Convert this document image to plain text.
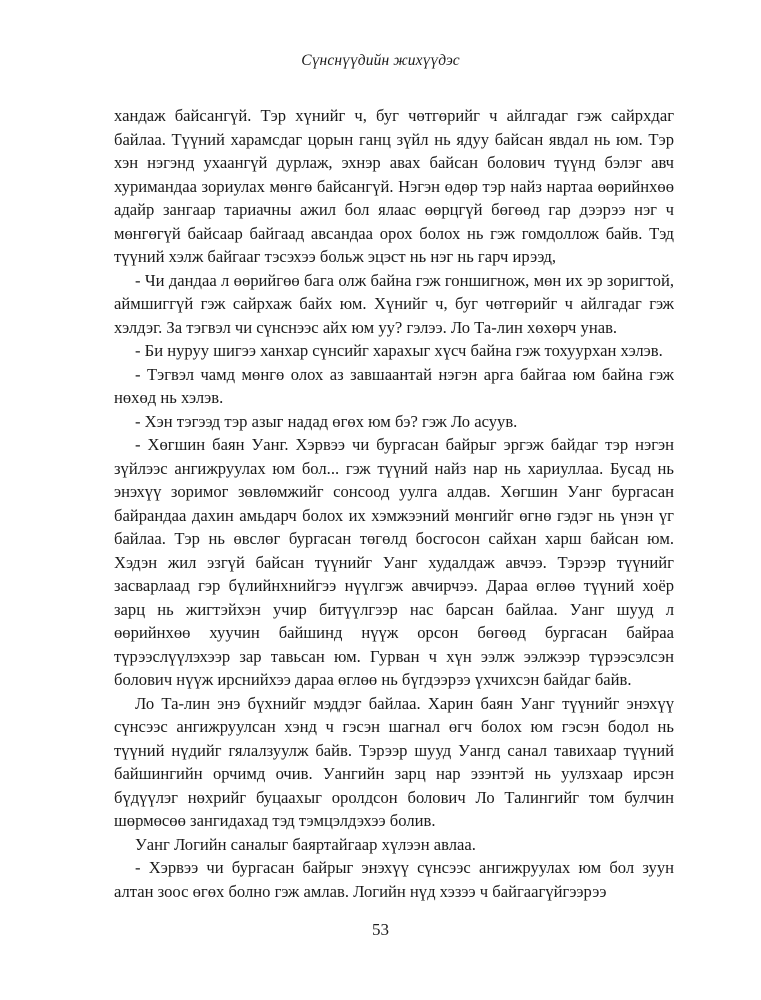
Сүнснүүдийн жихүүдэс

хандаж байсангүй. Тэр хүнийг ч, буг чөтгөрийг ч айлгадаг гэж сайрхдаг байлаа. Түүний харамсдаг цорын ганц зүйл нь ядуу байсан явдал нь юм. Тэр хэн нэгэнд ухаангүй дурлаж, эхнэр авах байсан болович түүнд бэлэг авч хуримандаа зориулах мөнгө байсангүй. Нэгэн өдөр тэр найз нартаа өөрийнхөө адайр зангаар тариачны ажил бол ялаас өөрцгүй бөгөөд гар дээрээ нэг ч мөнгөгүй байсаар байгаад авсандаа орох болох нь гэж гомдоллож байв. Тэд түүний хэлж байгааг тэсэхээ больж эцэст нь нэг нь гарч ирээд,

- Чи дандаа л өөрийгөө бага олж байна гэж гоншигнож, мөн их эр зоригтой, аймшиггүй гэж сайрхаж байх юм. Хүнийг ч, буг чөтгөрийг ч айлгадаг гэж хэлдэг. За тэгвэл чи сүнснээс айх юм уу? гэлээ. Ло Та-лин хөхөрч унав.

- Би нуруу шигээ ханхар сүнсийг харахыг хүсч байна гэж тохуурхан хэлэв.

- Тэгвэл чамд мөнгө олох аз завшаантай нэгэн арга байгаа юм байна гэж нөхөд нь хэлэв.

- Хэн тэгээд тэр азыг надад өгөх юм бэ? гэж Ло асуув.

- Хөгшин баян Уанг. Хэрвээ чи бургасан байрыг эргэж байдаг тэр нэгэн зүйлээс ангижруулах юм бол... гэж түүний найз нар нь хариуллаа. Бусад нь энэхүү зоримог зөвлөмжийг сонсоод уулга алдав. Хөгшин Уанг бургасан байрандаа дахин амьдарч болох их хэмжээний мөнгийг өгнө гэдэг нь үнэн үг байлаа. Тэр нь өвслөг бургасан төгөлд босгосон сайхан харш байсан юм. Хэдэн жил эзгүй байсан түүнийг Уанг худалдаж авчээ. Тэрээр түүнийг засварлаад гэр бүлийнхнийгээ нүүлгэж авчирчээ. Дараа өглөө түүний хоёр зарц нь жигтэйхэн учир битүүлгээр нас барсан байлаа. Уанг шууд л өөрийнхөө хуучин байшинд нүүж орсон бөгөөд бургасан байраа түрээслүүлэхээр зар тавьсан юм. Гурван ч хүн ээлж ээлжээр түрээсэлсэн болович нүүж ирснийхээ дараа өглөө нь бүгдээрээ үхчихсэн байдаг байв.

Ло Та-лин энэ бүхнийг мэддэг байлаа. Харин баян Уанг түүнийг энэхүү сүнсээс ангижруулсан хэнд ч гэсэн шагнал өгч болох юм гэсэн бодол нь түүний нүдийг гялалзуулж байв. Тэрээр шууд Уангд санал тавихаар түүний байшингийн орчимд очив. Уангийн зарц нар эзэнтэй нь уулзхаар ирсэн бүдүүлэг нөхрийг буцаахыг оролдсон болович Ло Талингийг том булчин шөрмөсөө зангидахад тэд тэмцэлдэхээ болив.

Уанг Логийн саналыг баяртайгаар хүлээн авлаа.

- Хэрвээ чи бургасан байрыг энэхүү сүнсээс ангижруулах юм бол зуун алтан зоос өгөх болно гэж амлав. Логийн нүд хэзээ ч байгаагүйгээрээ

53
